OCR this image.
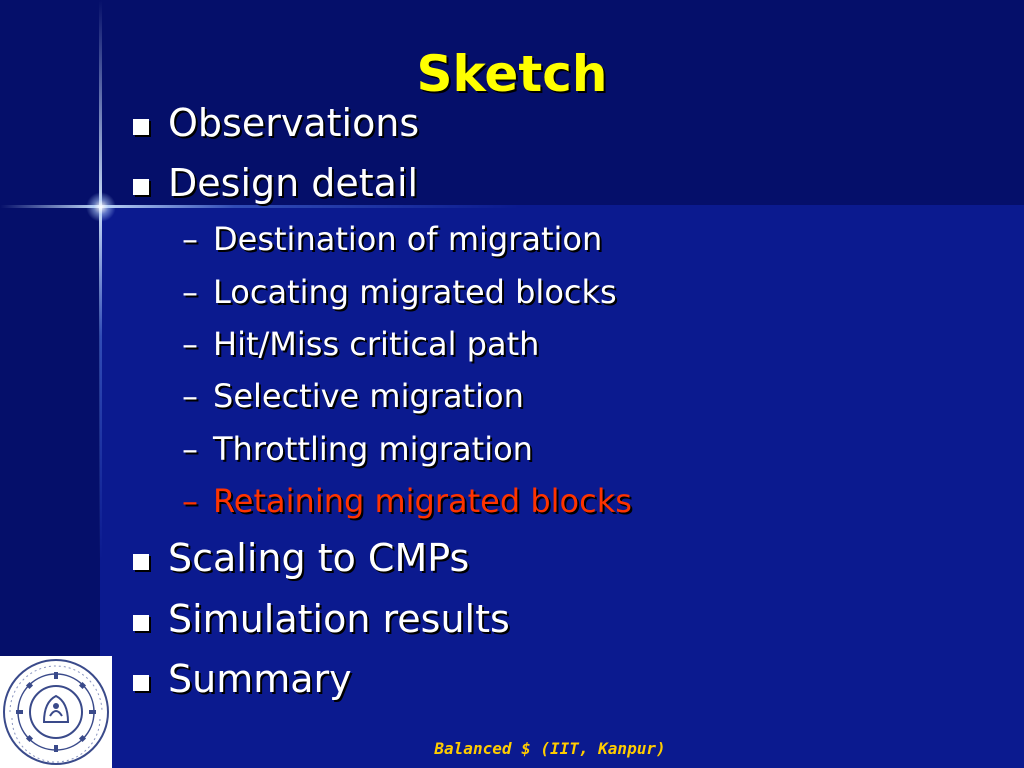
Sketch
Observations
Design detail
– Destination of migration
– Locating migrated blocks
– Hit/Miss critical path
– Selective migration
– Throttling migration
– Retaining migrated blocks
Scaling to CMPs
Simulation results
Summary
Balanced $ (IIT, Kanpur)
